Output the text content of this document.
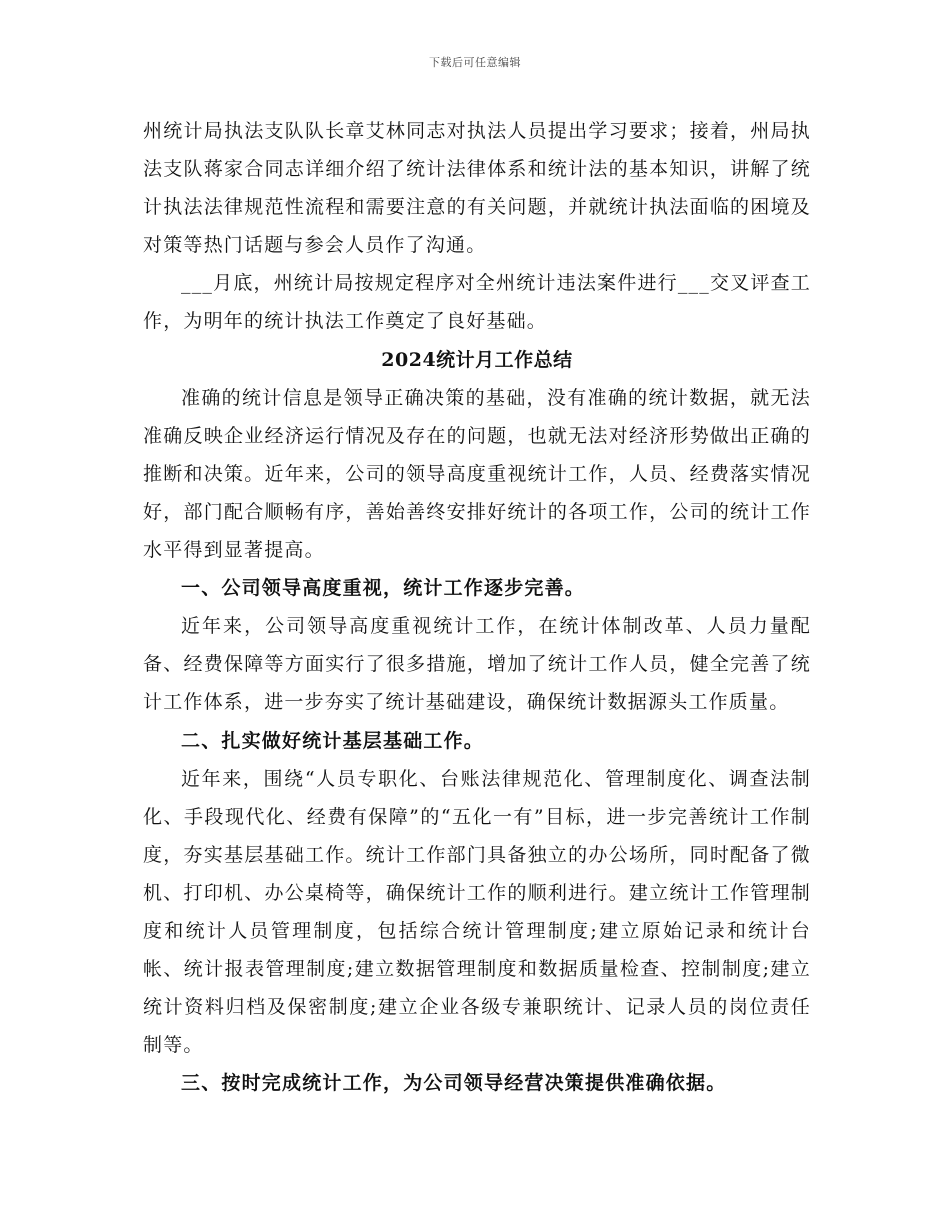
下载后可任意编辑

州统计局执法支队队长章艾林同志对执法人员提出学习要求；接着，州局执法支队蒋家合同志详细介绍了统计法律体系和统计法的基本知识，讲解了统计执法法律规范性流程和需要注意的有关问题，并就统计执法面临的困境及对策等热门话题与参会人员作了沟通。

___月底，州统计局按规定程序对全州统计违法案件进行___交叉评查工作，为明年的统计执法工作奠定了良好基础。

2024统计月工作总结

准确的统计信息是领导正确决策的基础，没有准确的统计数据，就无法准确反映企业经济运行情况及存在的问题，也就无法对经济形势做出正确的推断和决策。近年来，公司的领导高度重视统计工作，人员、经费落实情况好，部门配合顺畅有序，善始善终安排好统计的各项工作，公司的统计工作水平得到显著提高。

一、公司领导高度重视，统计工作逐步完善。

近年来，公司领导高度重视统计工作，在统计体制改革、人员力量配备、经费保障等方面实行了很多措施，增加了统计工作人员，健全完善了统计工作体系，进一步夯实了统计基础建设，确保统计数据源头工作质量。

二、扎实做好统计基层基础工作。

近年来，围绕“人员专职化、台账法律规范化、管理制度化、调查法制化、手段现代化、经费有保障”的“五化一有”目标，进一步完善统计工作制度，夯实基层基础工作。统计工作部门具备独立的办公场所，同时配备了微机、打印机、办公桌椅等，确保统计工作的顺利进行。建立统计工作管理制度和统计人员管理制度，包括综合统计管理制度;建立原始记录和统计台帐、统计报表管理制度;建立数据管理制度和数据质量检查、控制制度;建立统计资料归档及保密制度;建立企业各级专兼职统计、记录人员的岗位责任制等。

三、按时完成统计工作，为公司领导经营决策提供准确依据。
